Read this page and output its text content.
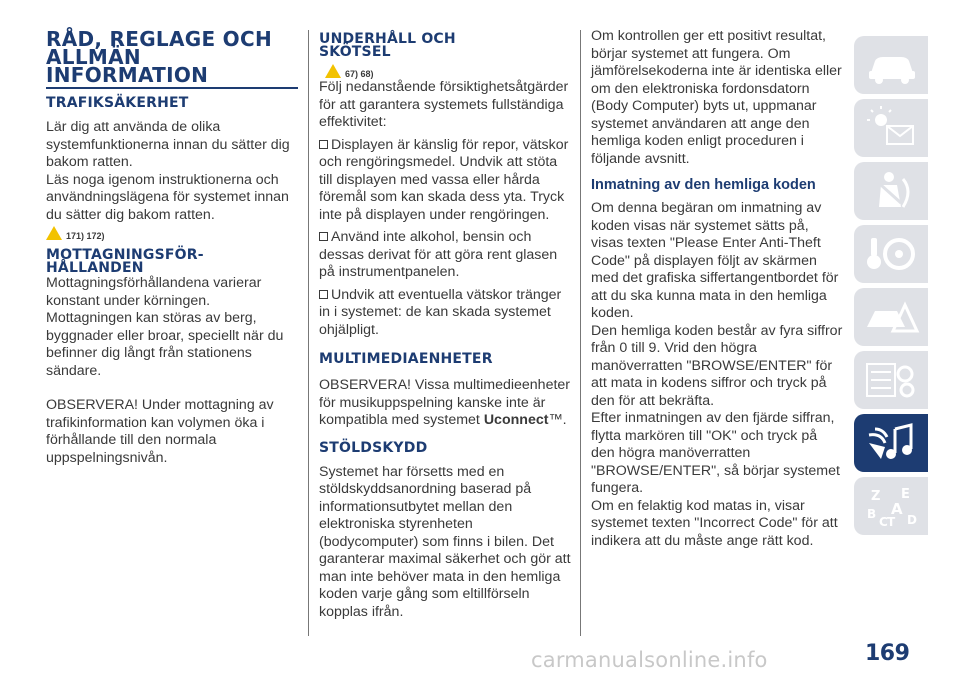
RÅD, REGLAGE OCH
ALLMÄN
INFORMATION
TRAFIKSÄKERHET

Lär dig att använda de olika systemfunktionerna innan du sätter dig bakom ratten.

Läs noga igenom instruktionerna och användningslägena för systemet innan du sätter dig bakom ratten.

171) 172)
MOTTAGNINGSFÖR-
HÅLLANDEN

Mottagningsförhållandena varierar konstant under körningen. Mottagningen kan störas av berg, byggnader eller broar, speciellt när du befinner dig långt från stationens sändare.

OBSERVERA! Under mottagning av trafikinformation kan volymen öka i förhållande till den normala uppspelningsnivån.

UNDERHÅLL OCH
SKÖTSEL
67) 68)

Följ nedanstående försiktighetsåtgärder för att garantera systemets fullständiga effektivitet:

Displayen är känslig för repor, vätskor och rengöringsmedel. Undvik att stöta till displayen med vassa eller hårda föremål som kan skada dess yta. Tryck inte på displayen under rengöringen.

Använd inte alkohol, bensin och dessas derivat för att göra rent glasen på instrumentpanelen.

Undvik att eventuella vätskor tränger in i systemet: de kan skada systemet ohjälpligt.

MULTIMEDIAENHETER

OBSERVERA! Vissa multimedieenheter för musikuppspelning kanske inte är kompatibla med systemet Uconnect™.

STÖLDSKYDD

Systemet har försetts med en stöldskyddsanordning baserad på informationsutbytet mellan den elektroniska styrenheten (bodycomputer) som finns i bilen. Det garanterar maximal säkerhet och gör att man inte behöver mata in den hemliga koden varje gång som eltillförseln kopplas ifrån.

Om kontrollen ger ett positivt resultat, börjar systemet att fungera. Om jämförelsekoderna inte är identiska eller om den elektroniska fordonsdatorn (Body Computer) byts ut, uppmanar systemet användaren att ange den hemliga koden enligt proceduren i följande avsnitt.

Inmatning av den hemliga koden

Om denna begäran om inmatning av koden visas när systemet sätts på, visas texten "Please Enter Anti-Theft Code" på displayen följt av skärmen med det grafiska siffertangentbordet för att du ska kunna mata in den hemliga koden.

Den hemliga koden består av fyra siffror från 0 till 9. Vrid den högra manöverratten "BROWSE/ENTER" för att mata in kodens siffror och tryck på den för att bekräfta.

Efter inmatningen av den fjärde siffran, flytta markören till "OK" och tryck på den högra manöverratten "BROWSE/ENTER", så börjar systemet fungera.

Om en felaktig kod matas in, visar systemet texten "Incorrect Code" för att indikera att du måste ange rätt kod.

Z E
A
B
C D
T
169
carmanualsonline.info
